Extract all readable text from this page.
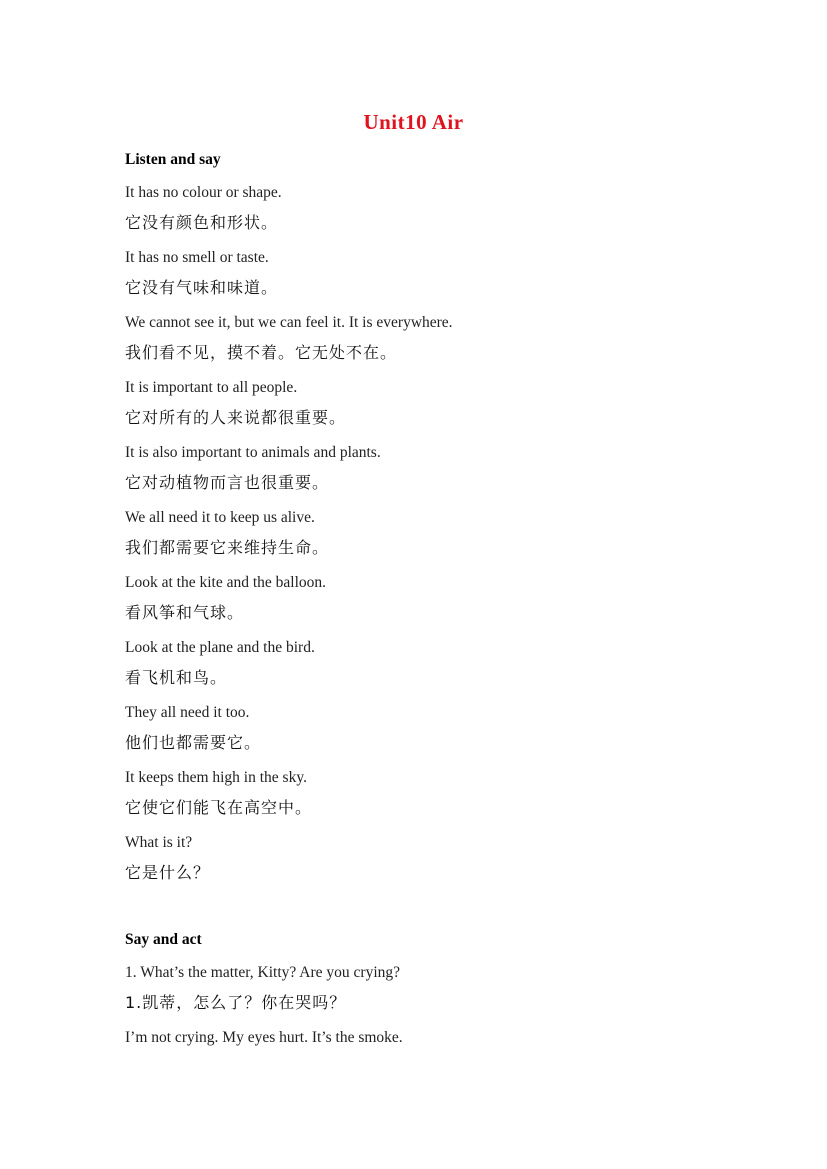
Unit10 Air
Listen and say
It has no colour or shape.
它没有颜色和形状。
It has no smell or taste.
它没有气味和味道。
We cannot see it, but we can feel it. It is everywhere.
我们看不见，摸不着。它无处不在。
It is important to all people.
它对所有的人来说都很重要。
It is also important to animals and plants.
它对动植物而言也很重要。
We all need it to keep us alive.
我们都需要它来维持生命。
Look at the kite and the balloon.
看风筝和气球。
Look at the plane and the bird.
看飞机和鸟。
They all need it too.
他们也都需要它。
It keeps them high in the sky.
它使它们能飞在高空中。
What is it?
它是什么？
Say and act
1. What’s the matter, Kitty? Are you crying?
1.凯蒂，怎么了？你在哭吗？
I’m not crying. My eyes hurt. It’s the smoke.
